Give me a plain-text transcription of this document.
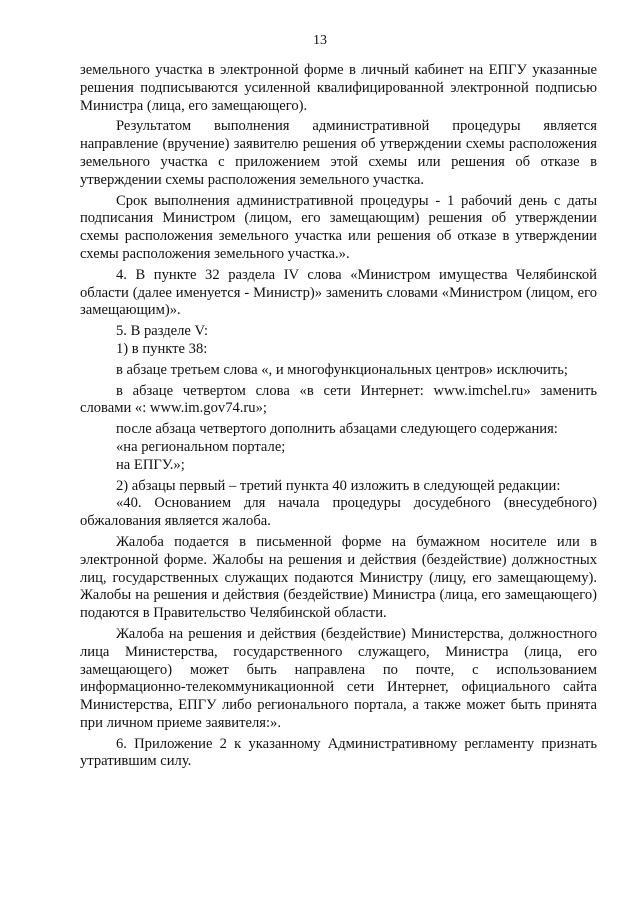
13

земельного участка в электронной форме в личный кабинет на ЕПГУ указанные решения подписываются усиленной квалифицированной электронной подписью Министра (лица, его замещающего).

Результатом выполнения административной процедуры является направление (вручение) заявителю решения об утверждении схемы расположения земельного участка с приложением этой схемы или решения об отказе в утверждении схемы расположения земельного участка.

Срок выполнения административной процедуры - 1 рабочий день с даты подписания Министром (лицом, его замещающим) решения об утверждении схемы расположения земельного участка или решения об отказе в утверждении схемы расположения земельного участка.».

4. В пункте 32 раздела IV слова «Министром имущества Челябинской области (далее именуется - Министр)» заменить словами «Министром (лицом, его замещающим)».

5. В разделе V:

1) в пункте 38:

в абзаце третьем слова «, и многофункциональных центров» исключить;

в абзаце четвертом слова «в сети Интернет: www.imchel.ru» заменить словами «: www.im.gov74.ru»;

после абзаца четвертого дополнить абзацами следующего содержания:

«на региональном портале;

на ЕПГУ.»;

2) абзацы первый – третий пункта 40 изложить в следующей редакции:

«40. Основанием для начала процедуры досудебного (внесудебного) обжалования является жалоба.

Жалоба подается в письменной форме на бумажном носителе или в электронной форме. Жалобы на решения и действия (бездействие) должностных лиц, государственных служащих подаются Министру (лицу, его замещающему). Жалобы на решения и действия (бездействие) Министра (лица, его замещающего) подаются в Правительство Челябинской области.

Жалоба на решения и действия (бездействие) Министерства, должностного лица Министерства, государственного служащего, Министра (лица, его замещающего) может быть направлена по почте, с использованием информационно-телекоммуникационной сети Интернет, официального сайта Министерства, ЕПГУ либо регионального портала, а также может быть принята при личном приеме заявителя:».

6. Приложение 2 к указанному Административному регламенту признать утратившим силу.
